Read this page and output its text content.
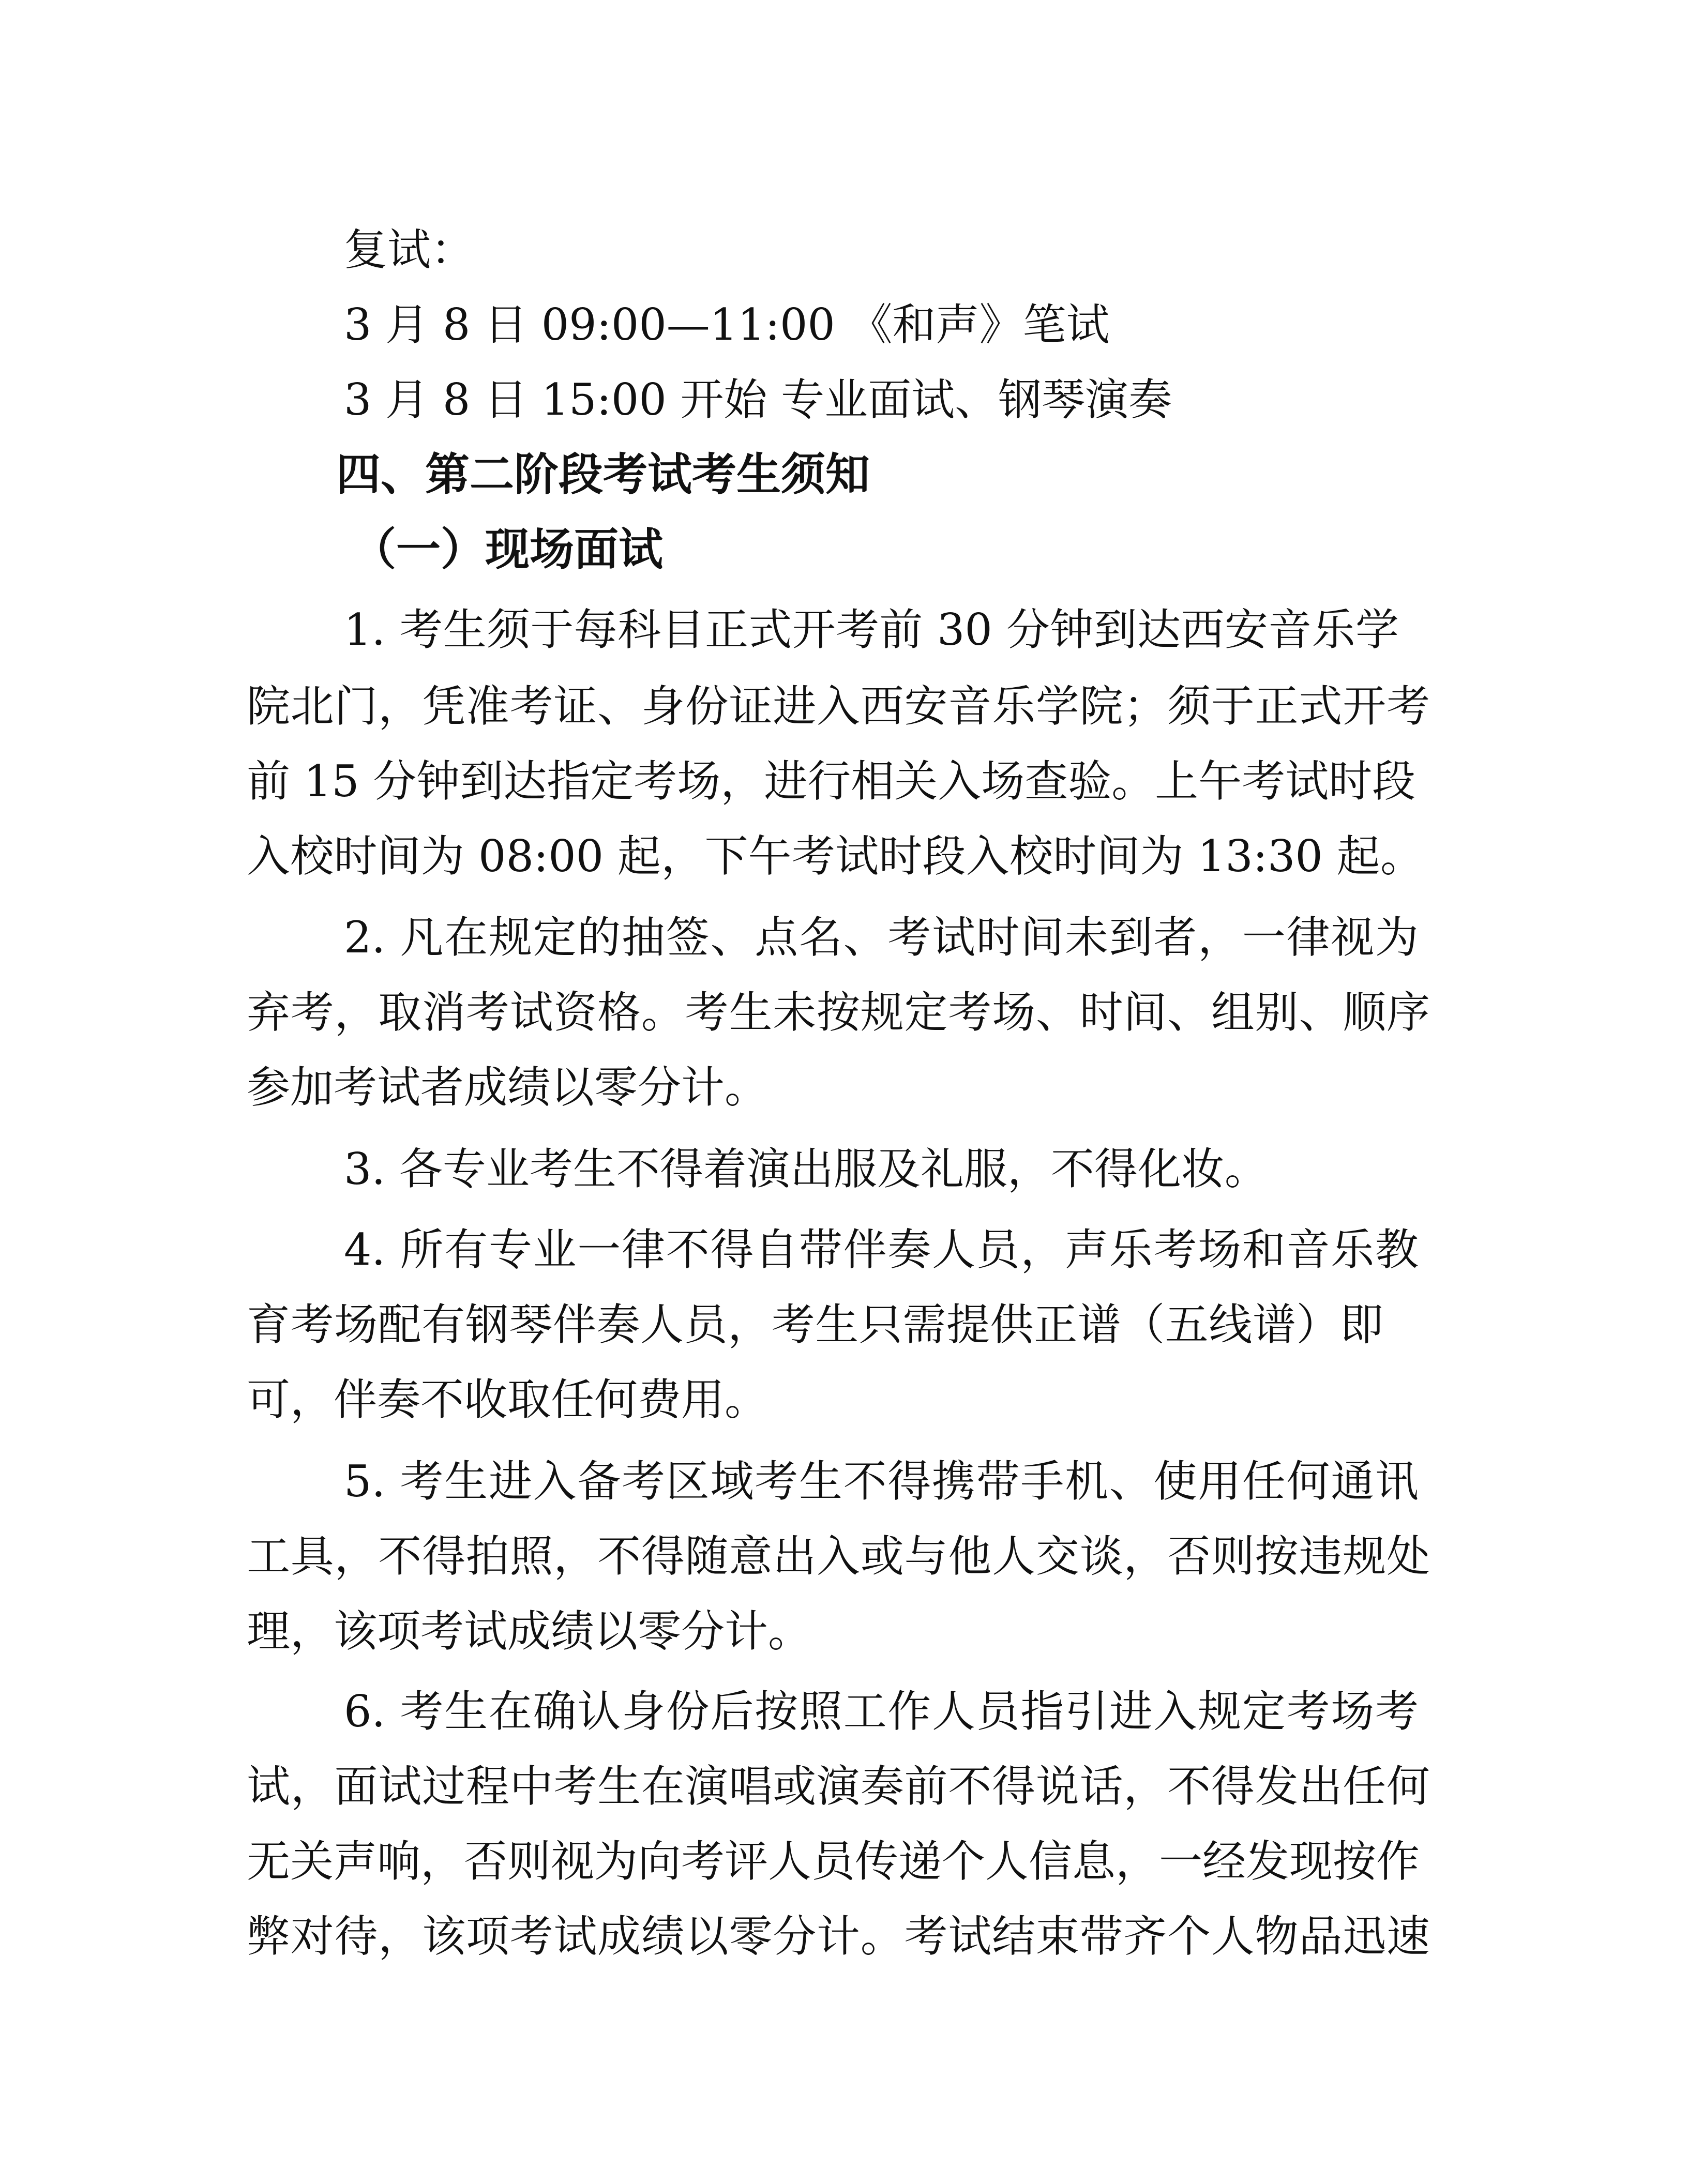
复试：
3 月 8 日 09:00—11:00 《和声》笔试
3 月 8 日 15:00 开始 专业面试、钢琴演奏
四、第二阶段考试考生须知
（一）现场面试
1. 考生须于每科目正式开考前 30 分钟到达西安音乐学
院北门，凭准考证、身份证进入西安音乐学院；须于正式开考
前 15 分钟到达指定考场，进行相关入场查验。上午考试时段
入校时间为 08:00 起，下午考试时段入校时间为 13:30 起。
2. 凡在规定的抽签、点名、考试时间未到者，一律视为
弃考，取消考试资格。考生未按规定考场、时间、组别、顺序
参加考试者成绩以零分计。
3. 各专业考生不得着演出服及礼服，不得化妆。
4. 所有专业一律不得自带伴奏人员，声乐考场和音乐教
育考场配有钢琴伴奏人员，考生只需提供正谱（五线谱）即
可，伴奏不收取任何费用。
5. 考生进入备考区域考生不得携带手机、使用任何通讯
工具，不得拍照，不得随意出入或与他人交谈，否则按违规处
理，该项考试成绩以零分计。
6. 考生在确认身份后按照工作人员指引进入规定考场考
试，面试过程中考生在演唱或演奏前不得说话，不得发出任何
无关声响，否则视为向考评人员传递个人信息，一经发现按作
弊对待，该项考试成绩以零分计。考试结束带齐个人物品迅速
